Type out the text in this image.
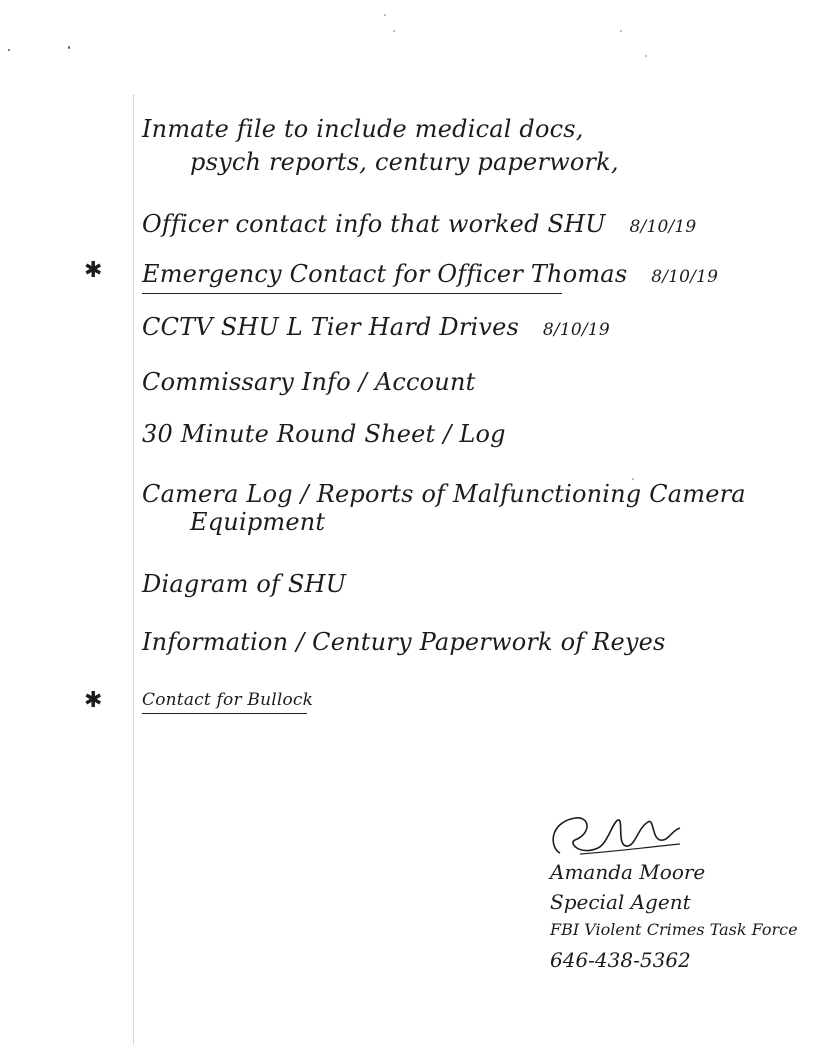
Inmate file to include medical docs,
psych reports, century paperwork,
Officer contact info that worked SHU 8/10/19
✱ Emergency Contact for Officer Thomas 8/10/19
CCTV SHU L Tier Hard Drives 8/10/19
Commissary Info / Account
30 Minute Round Sheet / Log
Camera Log / Reports of Malfunctioning Camera
Equipment
Diagram of SHU
Information / Century Paperwork of Reyes
✱ Contact for Bullock
Amanda Moore
Special Agent
FBI Violent Crimes Task Force
646-438-5362
